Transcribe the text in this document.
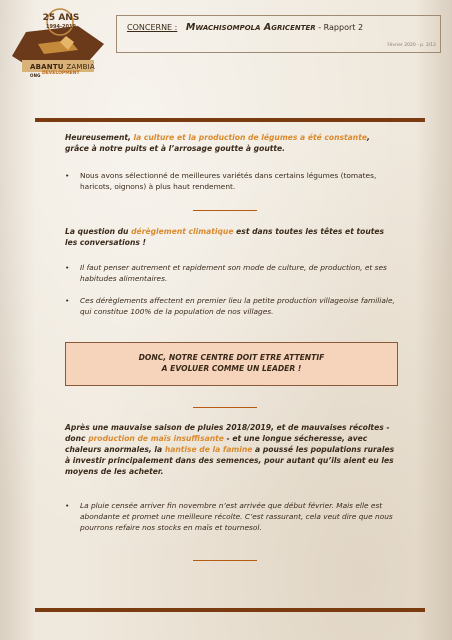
25 ANS
1994-2019
ABANTU ZAMBIA ONG DEVELOPMENT
CONCERNE : Mwachisompola Agricenter - Rapport 2
Février 2020 - p. 3/12
Heureusement, la culture et la production de légumes a été constante, grâce à notre puits et à l’arrosage goutte à goutte.
•	Nous avons sélectionné de meilleures variétés dans certains légumes (tomates, haricots, oignons) à plus haut rendement.
La question du dérèglement climatique est dans toutes les têtes et toutes les conversations !
•	Il faut penser autrement et rapidement son mode de culture, de production, et ses habitudes alimentaires.
•	Ces dérèglements affectent en premier lieu la petite production villageoise familiale, qui constitue 100% de la population de nos villages.
DONC, NOTRE CENTRE DOIT ETRE ATTENTIF
A EVOLUER COMME UN LEADER !
Après une mauvaise saison de pluies 2018/2019, et de mauvaises récoltes - donc production de maïs insuffisante - et une longue sécheresse, avec chaleurs anormales, la hantise de la famine a poussé les populations rurales à investir principalement dans des semences, pour autant qu’ils aient eu les moyens de les acheter.
•	La pluie censée arriver fin novembre n’est arrivée que début février. Mais elle est abondante et promet une meilleure récolte. C’est rassurant, cela veut dire que nous pourrons refaire nos stocks en maïs et tournesol.
